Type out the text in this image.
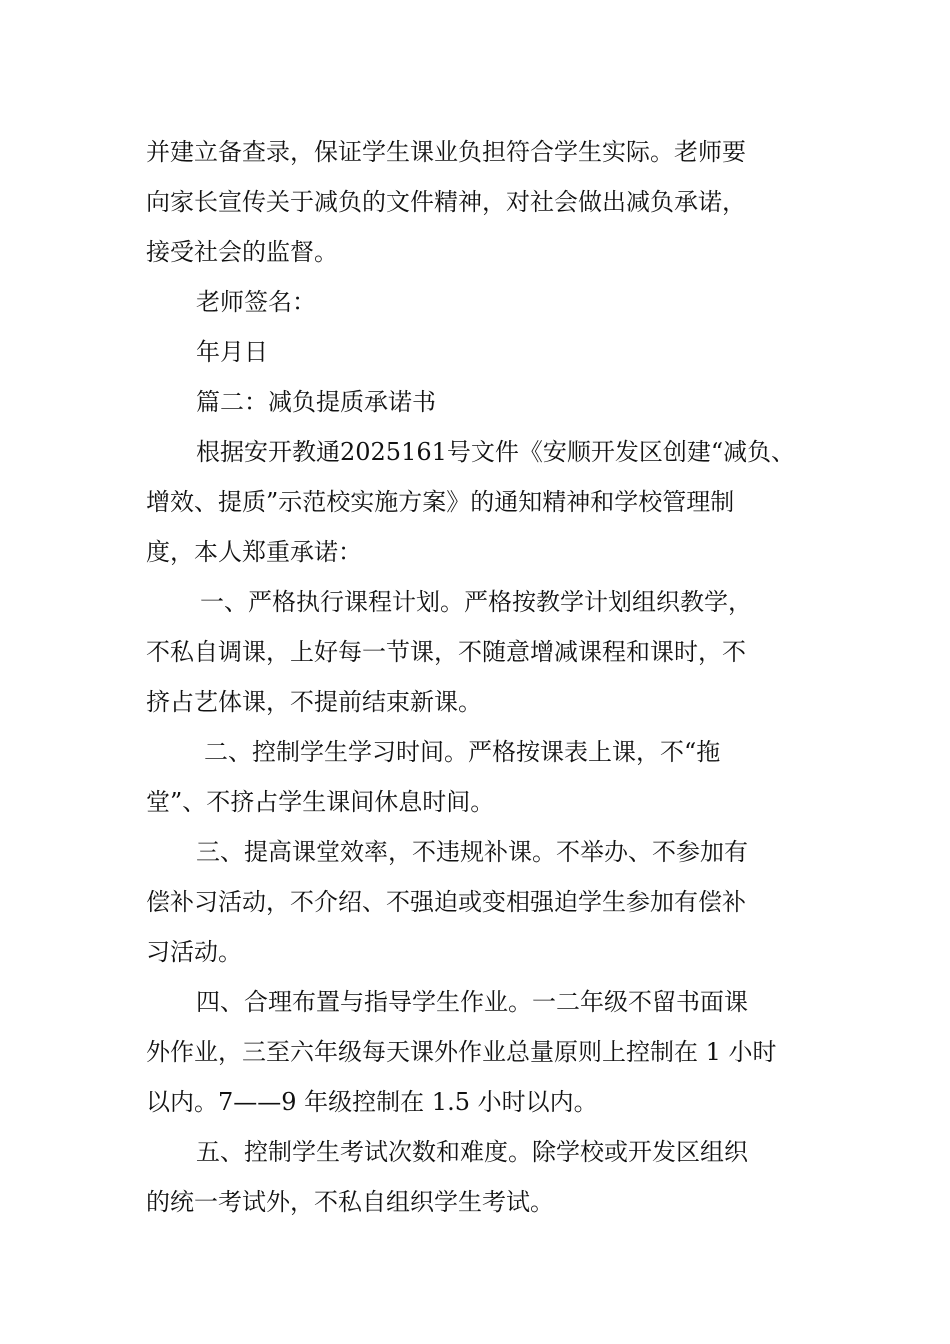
并建立备查录，保证学生课业负担符合学生实际。老师要
向家长宣传关于减负的文件精神，对社会做出减负承诺，
接受社会的监督。
老师签名：
年月日
篇二：减负提质承诺书
根据安开教通2025161号文件《安顺开发区创建“减负、
增效、提质”示范校实施方案》的通知精神和学校管理制
度，本人郑重承诺：
一、严格执行课程计划。严格按教学计划组织教学，
不私自调课，上好每一节课，不随意增减课程和课时，不
挤占艺体课，不提前结束新课。
二、控制学生学习时间。严格按课表上课，不“拖
堂”、不挤占学生课间休息时间。
三、提高课堂效率，不违规补课。不举办、不参加有
偿补习活动，不介绍、不强迫或变相强迫学生参加有偿补
习活动。
四、合理布置与指导学生作业。一二年级不留书面课
外作业，三至六年级每天课外作业总量原则上控制在 1 小时
以内。7——9 年级控制在 1.5 小时以内。
五、控制学生考试次数和难度。除学校或开发区组织
的统一考试外，不私自组织学生考试。
